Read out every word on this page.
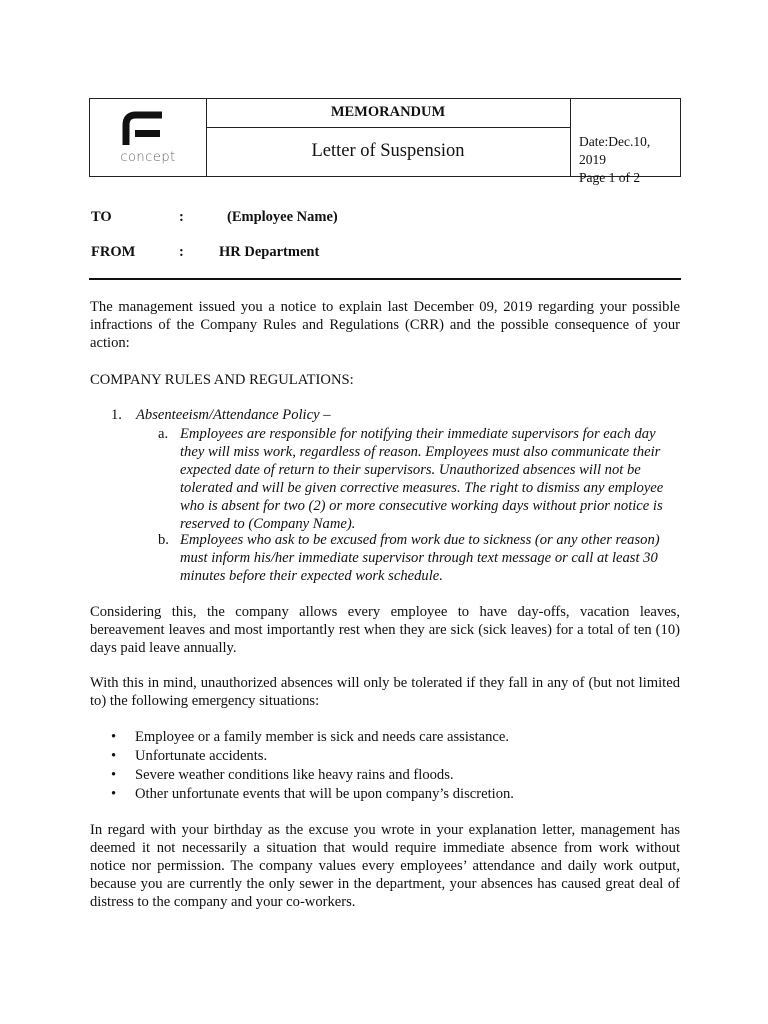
concept
MEMORANDUM
Letter of Suspension	Date:Dec.10, 2019
Page 1 of 2
TO	:	(Employee Name)
FROM	: HR Department

The management issued you a notice to explain last December 09, 2019 regarding your possible infractions of the Company Rules and Regulations (CRR) and the possible consequence of your action:

COMPANY RULES AND REGULATIONS:
1. Absenteeism/Attendance Policy –
a. Employees are responsible for notifying their immediate supervisors for each day they will miss work, regardless of reason. Employees must also communicate their expected date of return to their supervisors. Unauthorized absences will not be tolerated and will be given corrective measures. The right to dismiss any employee who is absent for two (2) or more consecutive working days without prior notice is reserved to (Company Name).

b. Employees who ask to be excused from work due to sickness (or any other reason) must inform his/her immediate supervisor through text message or call at least 30 minutes before their expected work schedule.

Considering this, the company allows every employee to have day-offs, vacation leaves, bereavement leaves and most importantly rest when they are sick (sick leaves) for a total of ten (10) days paid leave annually.

With this in mind, unauthorized absences will only be tolerated if they fall in any of (but not limited to) the following emergency situations:

• Employee or a family member is sick and needs care assistance.
• Unfortunate accidents.
• Severe weather conditions like heavy rains and floods.
• Other unfortunate events that will be upon company’s discretion.

In regard with your birthday as the excuse you wrote in your explanation letter, management has deemed it not necessarily a situation that would require immediate absence from work without notice nor permission. The company values every employees’ attendance and daily work output, because you are currently the only sewer in the department, your absences has caused great deal of distress to the company and your co-workers.
